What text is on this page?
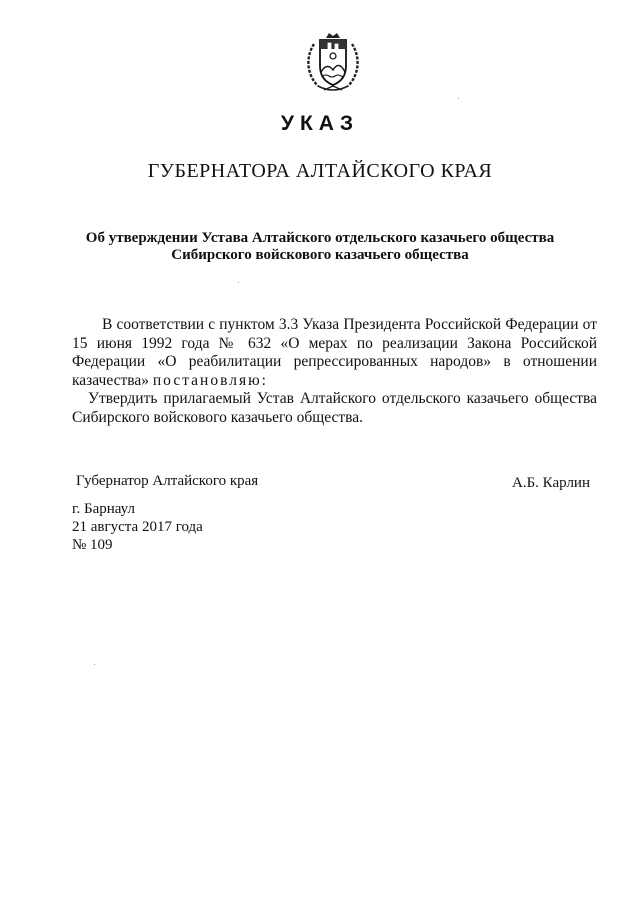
УКАЗ
ГУБЕРНАТОРА АЛТАЙСКОГО КРАЯ
Об утверждении Устава Алтайского отдельского казачьего общества
Сибирского войскового казачьего общества

В соответствии с пунктом 3.3 Указа Президента Российской Федерации от 15 июня 1992 года № 632 «О мерах по реализации Закона Российской Федерации «О реабилитации репрессированных народов» в отношении казачества» постановляю:

Утвердить прилагаемый Устав Алтайского отдельского казачьего общества Сибирского войскового казачьего общества.

Губернатор Алтайского края	А.Б. Карлин
г. Барнаул
21 августа 2017 года
№ 109
